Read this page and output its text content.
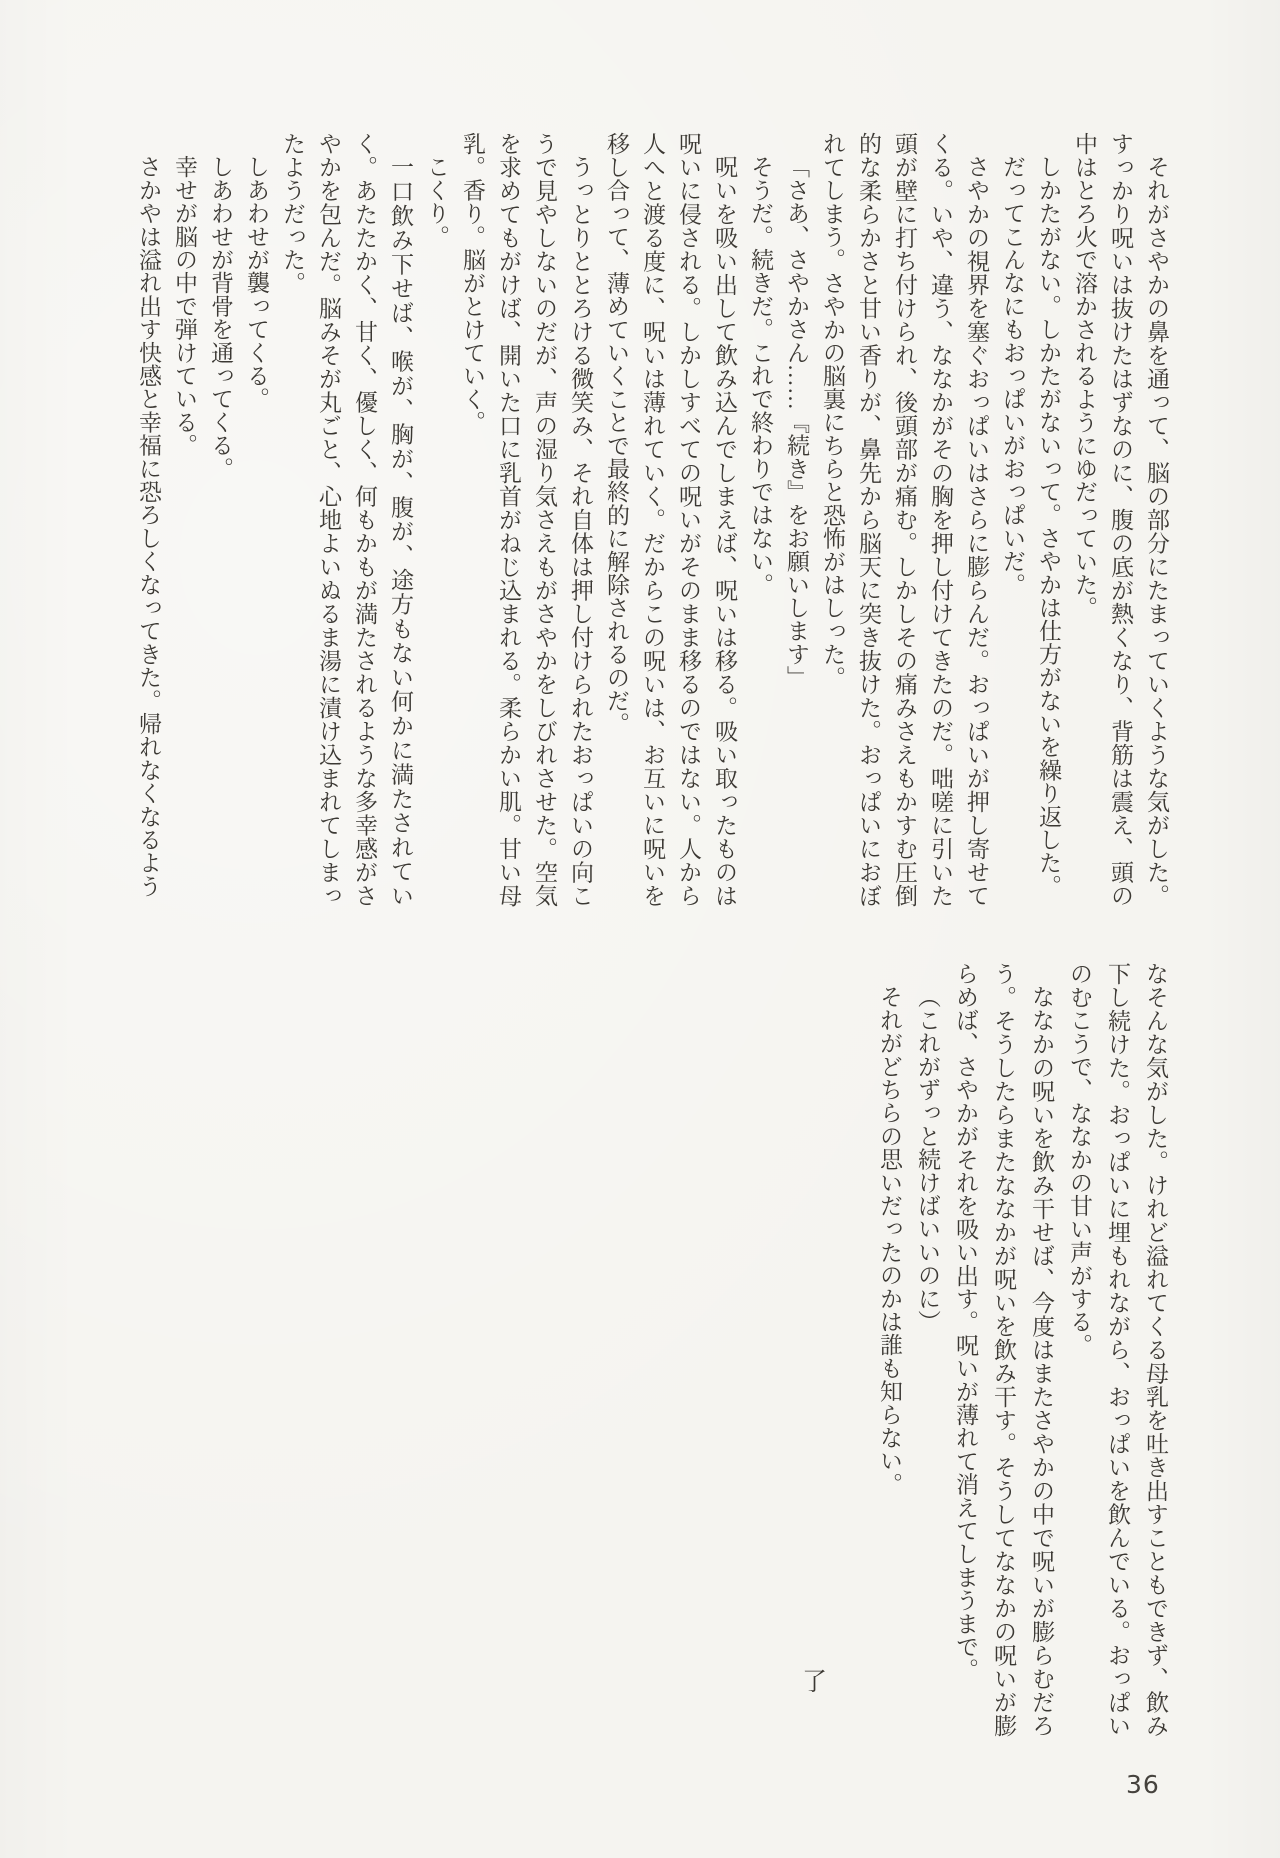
それがさやかの鼻を通って、脳の部分にたまっていくような気がした。すっかり呪いは抜けたはずなのに、腹の底が熱くなり、背筋は震え、頭の中はとろ火で溶かされるようにゆだっていた。

しかたがない。しかたがないって。さやかは仕方がないを繰り返した。

だってこんなにもおっぱいがおっぱいだ。

さやかの視界を塞ぐおっぱいはさらに膨らんだ。おっぱいが押し寄せてくる。いや、違う、ななかがその胸を押し付けてきたのだ。咄嗟に引いた頭が壁に打ち付けられ、後頭部が痛む。しかしその痛みさえもかすむ圧倒的な柔らかさと甘い香りが、鼻先から脳天に突き抜けた。おっぱいにおぼれてしまう。さやかの脳裏にちらと恐怖がはしった。

「さあ、さやかさん……『続き』をお願いします」

そうだ。続きだ。これで終わりではない。

呪いを吸い出して飲み込んでしまえば、呪いは移る。吸い取ったものは呪いに侵される。しかしすべての呪いがそのまま移るのではない。人から人へと渡る度に、呪いは薄れていく。だからこの呪いは、お互いに呪いを移し合って、薄めていくことで最終的に解除されるのだ。

うっとりととろける微笑み、それ自体は押し付けられたおっぱいの向こうで見やしないのだが、声の湿り気さえもがさやかをしびれさせた。空気を求めてもがけば、開いた口に乳首がねじ込まれる。柔らかい肌。甘い母乳。香り。脳がとけていく。

こくり。

一口飲み下せば、喉が、胸が、腹が、途方もない何かに満たされていく。あたたかく、甘く、優しく、何もかもが満たされるような多幸感がさやかを包んだ。脳みそが丸ごと、心地よいぬるま湯に漬け込まれてしまったようだった。

しあわせが襲ってくる。

しあわせが背骨を通ってくる。

幸せが脳の中で弾けている。

さかやは溢れ出す快感と幸福に恐ろしくなってきた。帰れなくなるよう

なそんな気がした。けれど溢れてくる母乳を吐き出すこともできず、飲み下し続けた。おっぱいに埋もれながら、おっぱいを飲んでいる。おっぱいのむこうで、ななかの甘い声がする。

ななかの呪いを飲み干せば、今度はまたさやかの中で呪いが膨らむだろう。そうしたらまたななかが呪いを飲み干す。そうしてななかの呪いが膨らめば、さやかがそれを吸い出す。呪いが薄れて消えてしまうまで。

（これがずっと続けばいいのに）

それがどちらの思いだったのかは誰も知らない。

了
36
